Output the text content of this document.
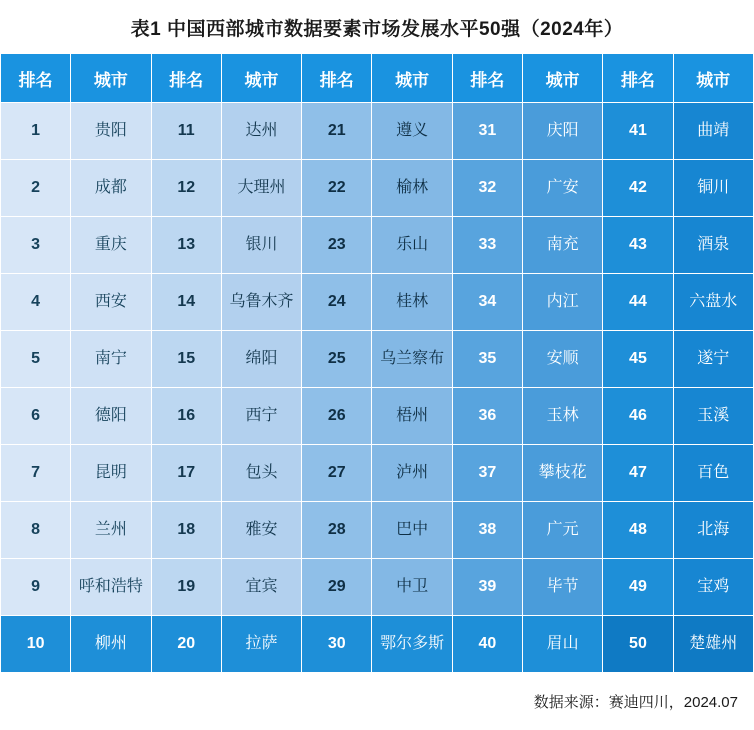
表1 中国西部城市数据要素市场发展水平50强（2024年）
排名	城市	排名	城市	排名	城市	排名	城市	排名	城市
1	贵阳	11	达州	21	遵义	31	庆阳	41	曲靖
2	成都	12	大理州	22	榆林	32	广安	42	铜川
3	重庆	13	银川	23	乐山	33	南充	43	酒泉
4	西安	14	乌鲁木齐	24	桂林	34	内江	44	六盘水
5	南宁	15	绵阳	25	乌兰察布	35	安顺	45	遂宁
6	德阳	16	西宁	26	梧州	36	玉林	46	玉溪
7	昆明	17	包头	27	泸州	37	攀枝花	47	百色
8	兰州	18	雅安	28	巴中	38	广元	48	北海
9	呼和浩特	19	宜宾	29	中卫	39	毕节	49	宝鸡
10	柳州	20	拉萨	30	鄂尔多斯	40	眉山	50	楚雄州
数据来源：赛迪四川，2024.07
